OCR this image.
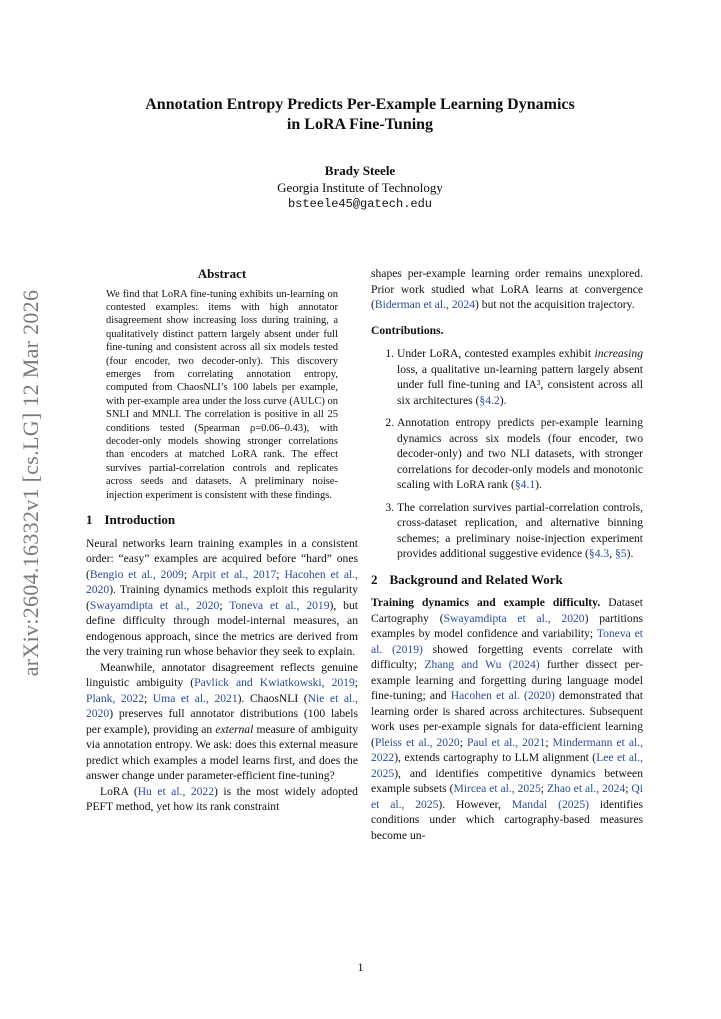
arXiv:2604.16332v1 [cs.LG] 12 Mar 2026
Annotation Entropy Predicts Per-Example Learning Dynamics
in LoRA Fine-Tuning
Brady Steele
Georgia Institute of Technology
bsteele45@gatech.edu
Abstract

We find that LoRA fine-tuning exhibits un-learning on contested examples: items with high annotator disagreement show increasing loss during training, a qualitatively distinct pattern largely absent under full fine-tuning and consistent across all six models tested (four encoder, two decoder-only). This discovery emerges from correlating annotation entropy, computed from ChaosNLI’s 100 labels per example, with per-example area under the loss curve (AULC) on SNLI and MNLI. The correlation is positive in all 25 conditions tested (Spearman ρ=0.06–0.43), with decoder-only models showing stronger correlations than encoders at matched LoRA rank. The effect survives partial-correlation controls and replicates across seeds and datasets. A preliminary noise-injection experiment is consistent with these findings.

1 Introduction

Neural networks learn training examples in a consistent order: “easy” examples are acquired before “hard” ones (Bengio et al., 2009; Arpit et al., 2017; Hacohen et al., 2020). Training dynamics methods exploit this regularity (Swayamdipta et al., 2020; Toneva et al., 2019), but define difficulty through model-internal measures, an endogenous approach, since the metrics are derived from the very training run whose behavior they seek to explain.

Meanwhile, annotator disagreement reflects genuine linguistic ambiguity (Pavlick and Kwiatkowski, 2019; Plank, 2022; Uma et al., 2021). ChaosNLI (Nie et al., 2020) preserves full annotator distributions (100 labels per example), providing an external measure of ambiguity via annotation entropy. We ask: does this external measure predict which examples a model learns first, and does the answer change under parameter-efficient fine-tuning?

LoRA (Hu et al., 2022) is the most widely adopted PEFT method, yet how its rank constraint

shapes per-example learning order remains unexplored. Prior work studied what LoRA learns at convergence (Biderman et al., 2024) but not the acquisition trajectory.

Contributions.
1. Under LoRA, contested examples exhibit increasing loss, a qualitative un-learning pattern largely absent under full fine-tuning and IA³, consistent across all six architectures (§4.2).
2. Annotation entropy predicts per-example learning dynamics across six models (four encoder, two decoder-only) and two NLI datasets, with stronger correlations for decoder-only models and monotonic scaling with LoRA rank (§4.1).
3. The correlation survives partial-correlation controls, cross-dataset replication, and alternative binning schemes; a preliminary noise-injection experiment provides additional suggestive evidence (§4.3, §5).
2 Background and Related Work

Training dynamics and example difficulty. Dataset Cartography (Swayamdipta et al., 2020) partitions examples by model confidence and variability; Toneva et al. (2019) showed forgetting events correlate with difficulty; Zhang and Wu (2024) further dissect per-example learning and forgetting during language model fine-tuning; and Hacohen et al. (2020) demonstrated that learning order is shared across architectures. Subsequent work uses per-example signals for data-efficient learning (Pleiss et al., 2020; Paul et al., 2021; Mindermann et al., 2022), extends cartography to LLM alignment (Lee et al., 2025), and identifies competitive dynamics between example subsets (Mircea et al., 2025; Zhao et al., 2024; Qi et al., 2025). However, Mandal (2025) identifies conditions under which cartography-based measures become un-

1
